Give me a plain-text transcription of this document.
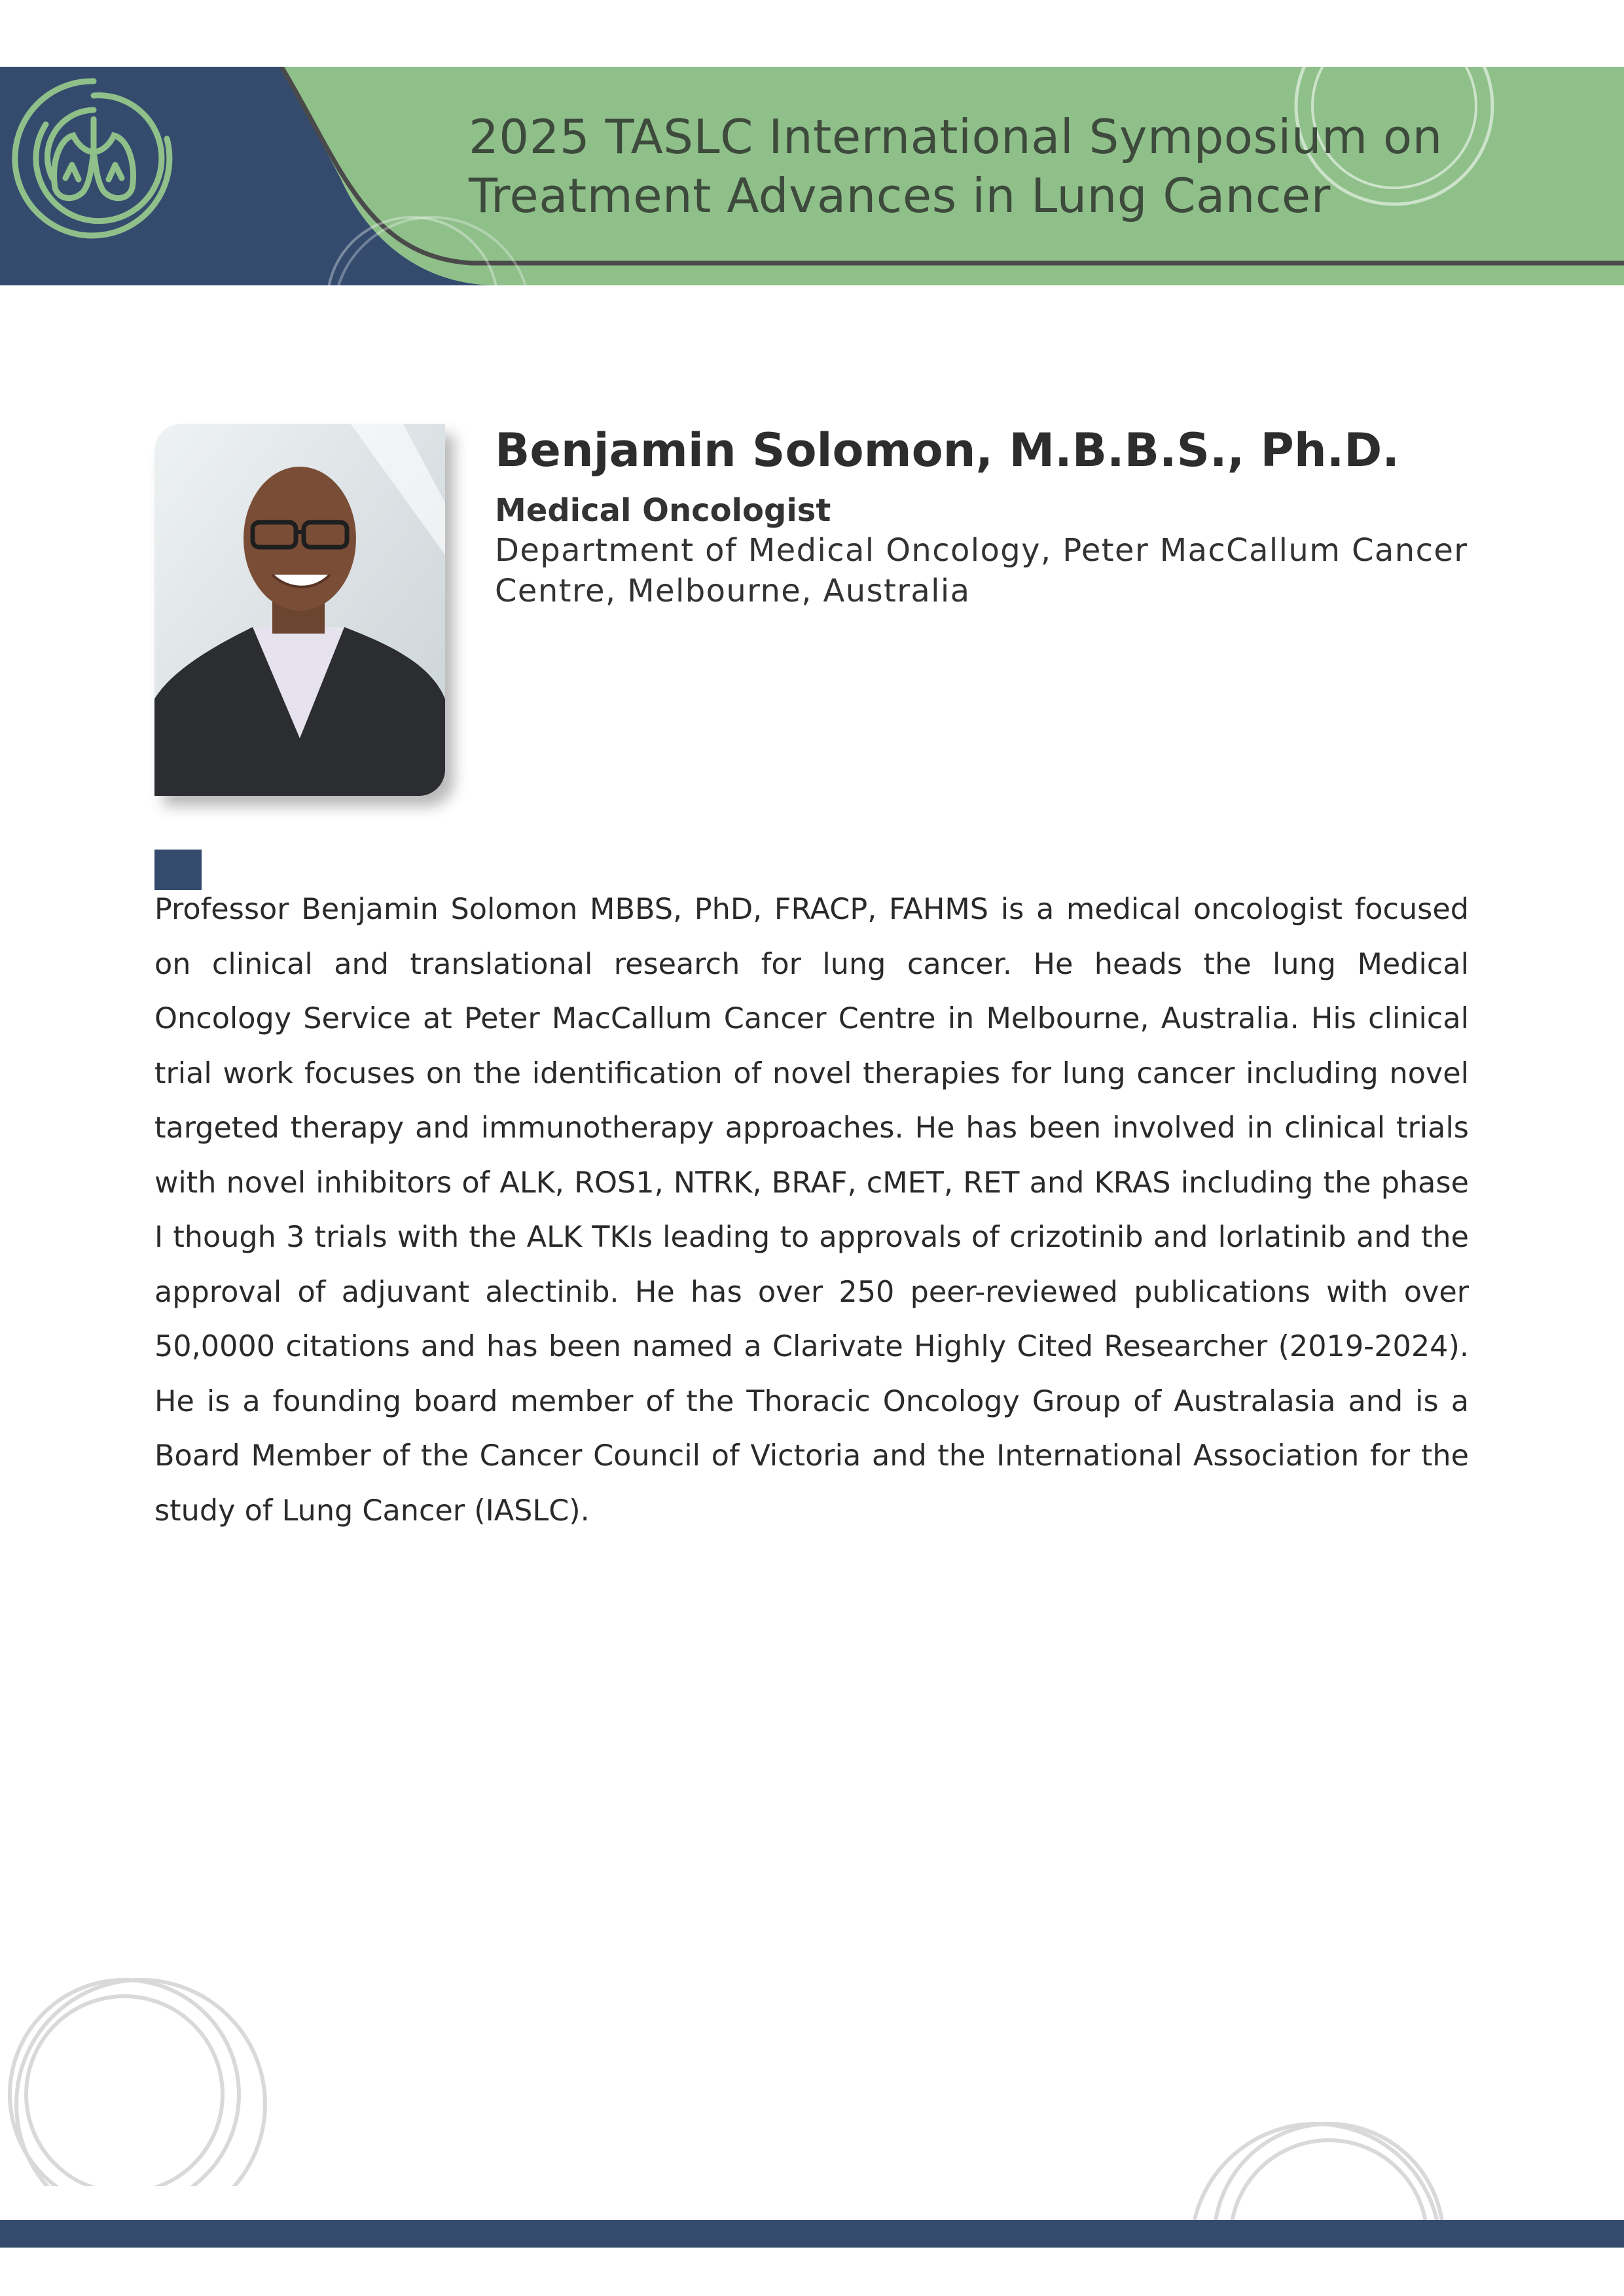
2025 TASLC International Symposium on Treatment Advances in Lung Cancer
Benjamin Solomon, M.B.B.S., Ph.D.

Medical Oncologist

Department of Medical Oncology, Peter MacCallum Cancer Centre, Melbourne, Australia

Professor Benjamin Solomon MBBS, PhD, FRACP, FAHMS is a medical oncologist focused on clinical and translational research for lung cancer. He heads the lung Medical Oncology Service at Peter MacCallum Cancer Centre in Melbourne, Australia. His clinical trial work focuses on the identification of novel therapies for lung cancer including novel targeted therapy and immunotherapy approaches. He has been involved in clinical trials with novel inhibitors of ALK, ROS1, NTRK, BRAF, cMET, RET and KRAS including the phase I though 3 trials with the ALK TKIs leading to approvals of crizotinib and lorlatinib and the approval of adjuvant alectinib. He has over 250 peer-reviewed publications with over 50,0000 citations and has been named a Clarivate Highly Cited Researcher (2019-2024). He is a founding board member of the Thoracic Oncology Group of Australasia and is a Board Member of the Cancer Council of Victoria and the International Association for the study of Lung Cancer (IASLC).
